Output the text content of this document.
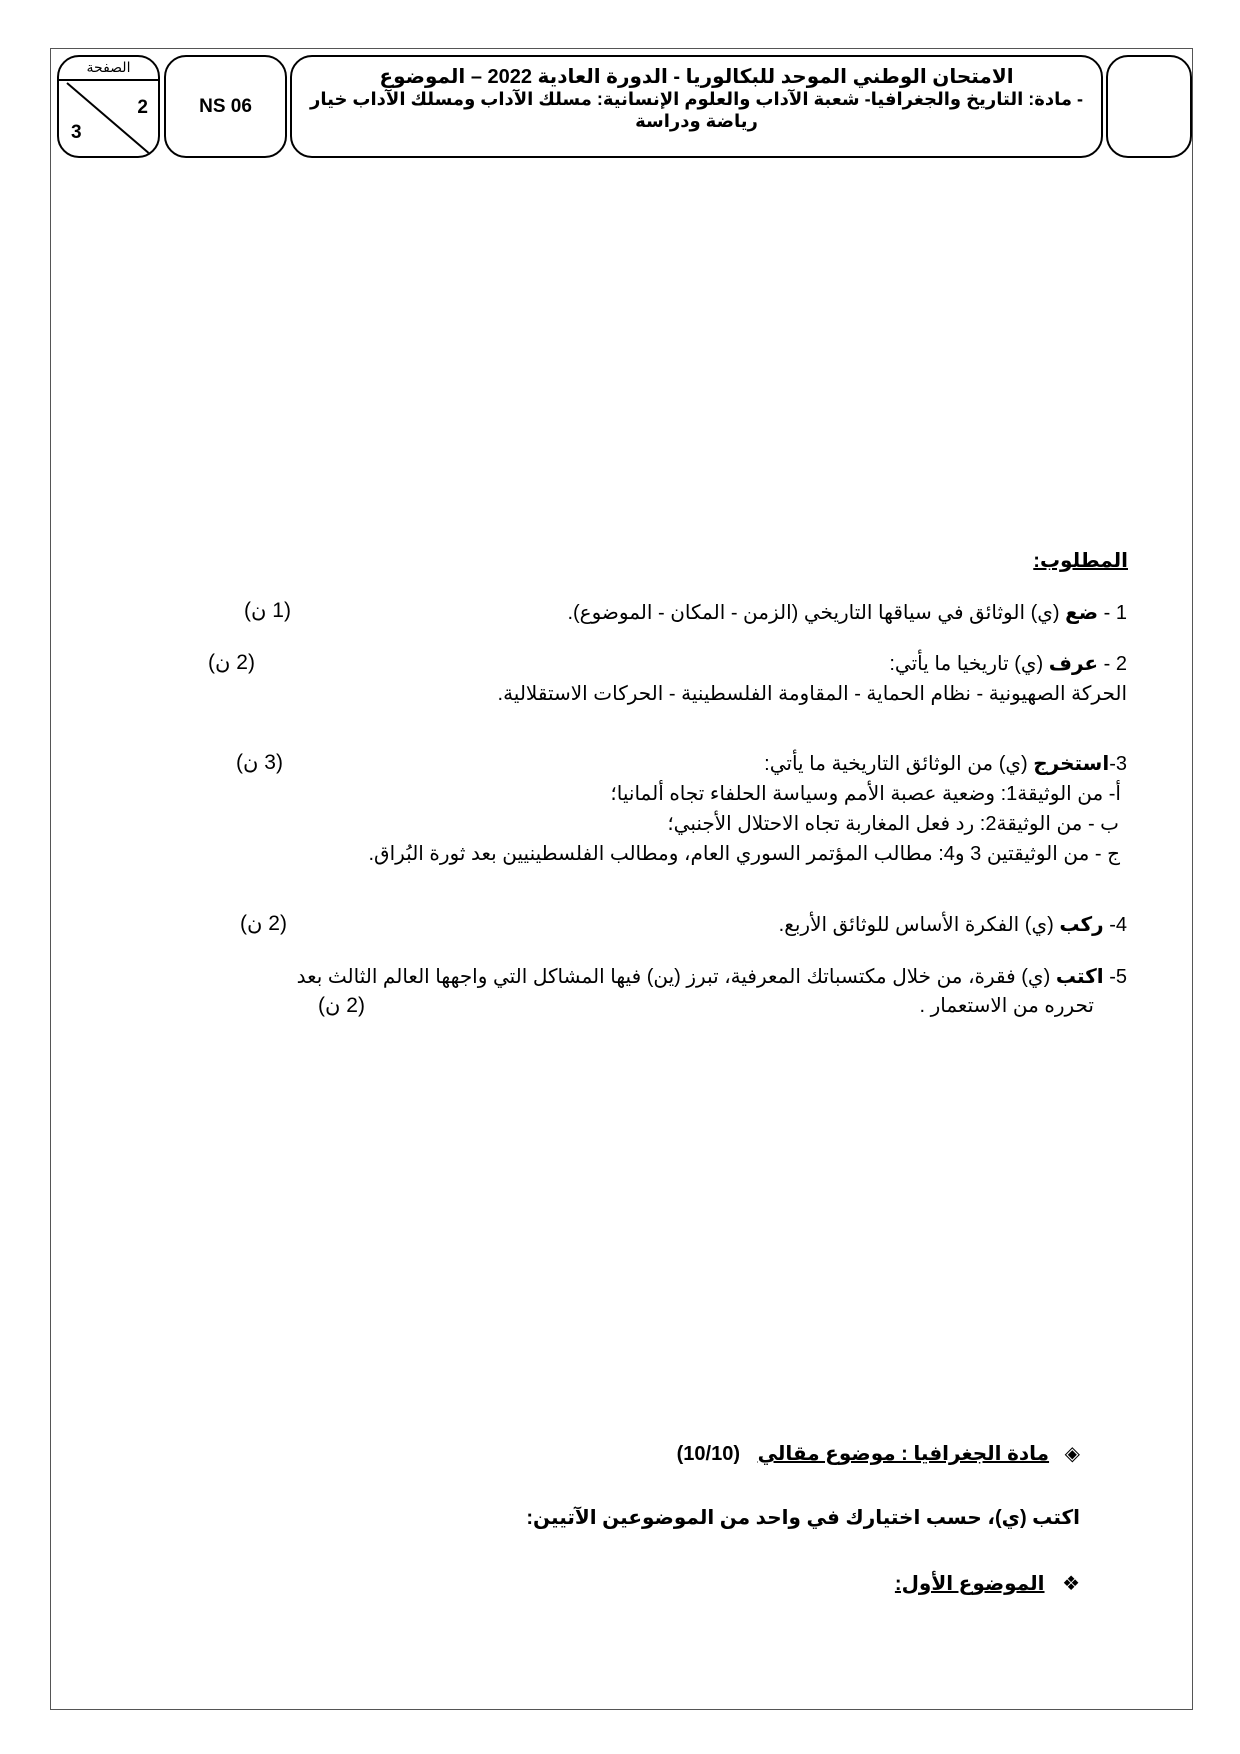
الصفحة
2
3
NS 06
الامتحان الوطني الموحد للبكالوريا - الدورة العادية 2022 – الموضوع
- مادة: التاريخ والجغرافيا- شعبة الآداب والعلوم الإنسانية: مسلك الآداب ومسلك الآداب خيار رياضة ودراسة
المطلوب:
1 - ضع (ي) الوثائق في سياقها التاريخي (الزمن - المكان - الموضوع).
(1 ن)
2 - عرف (ي) تاريخيا ما يأتي:
(2 ن)
الحركة الصهيونية - نظام الحماية - المقاومة الفلسطينية - الحركات الاستقلالية.
3-استخرج (ي) من الوثائق التاريخية ما يأتي:
(3 ن)
أ- من الوثيقة1: وضعية عصبة الأمم وسياسة الحلفاء تجاه ألمانيا؛
ب - من الوثيقة2: رد فعل المغاربة تجاه الاحتلال الأجنبي؛
ج - من الوثيقتين 3 و4: مطالب المؤتمر السوري العام، ومطالب الفلسطينيين بعد ثورة البُراق.
4- ركب (ي) الفكرة الأساس للوثائق الأربع.
(2 ن)
5- اكتب (ي) فقرة، من خلال مكتسباتك المعرفية، تبرز (ين) فيها المشاكل التي واجهها العالم الثالث بعد
تحرره من الاستعمار .
(2 ن)
◈ مادة الجغرافيا : موضوع مقالي (10/10)
اكتب (ي)، حسب اختيارك في واحد من الموضوعين الآتيين:
❖ الموضوع الأول:
